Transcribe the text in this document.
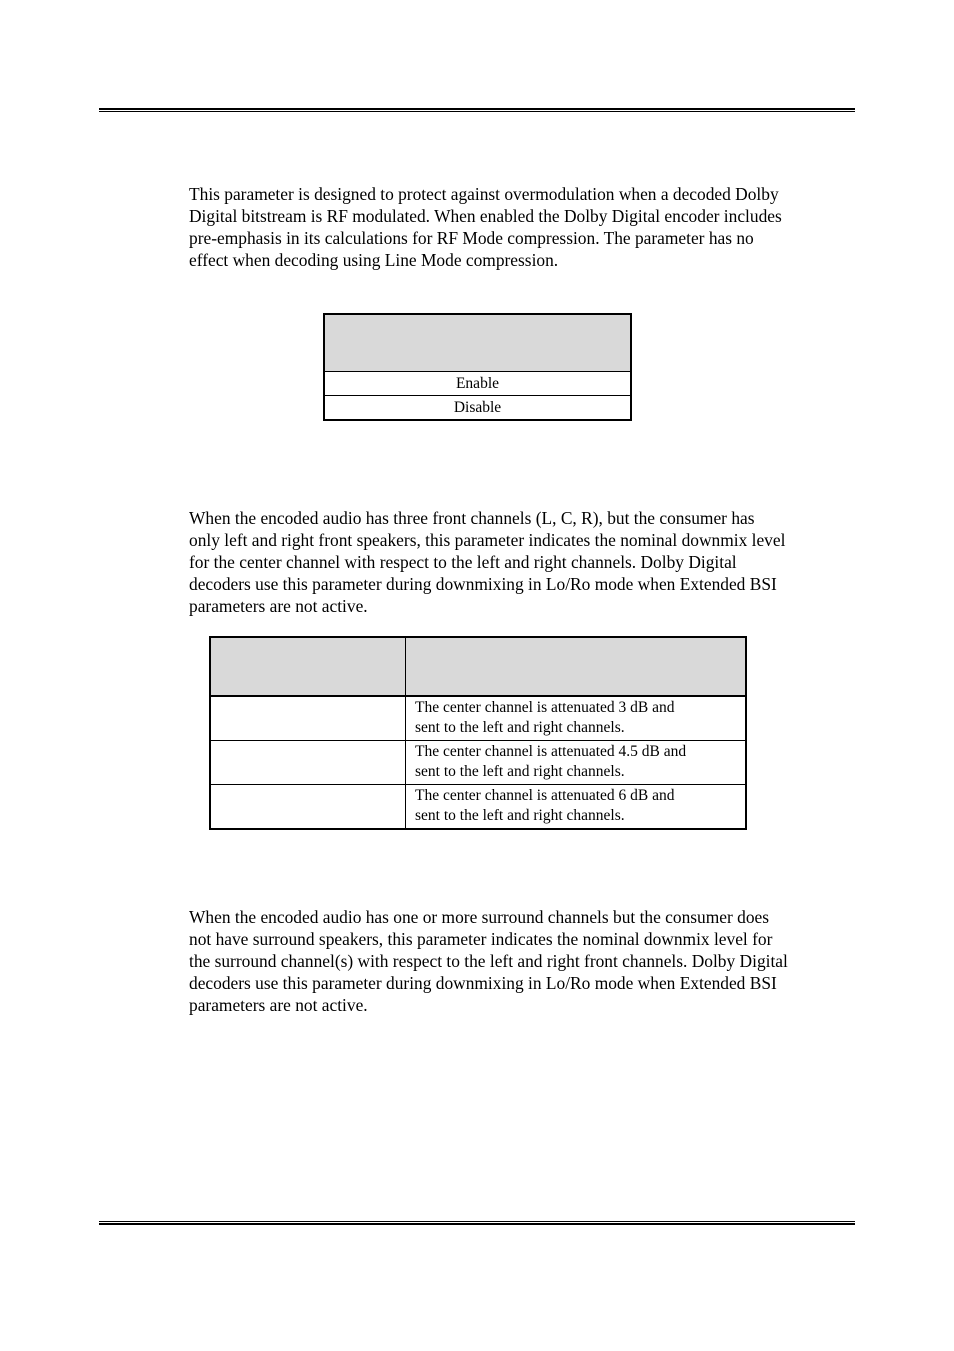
This parameter is designed to protect against overmodulation when a decoded Dolby
Digital bitstream is RF modulated. When enabled the Dolby Digital encoder includes
pre-emphasis in its calculations for RF Mode compression. The parameter has no
effect when decoding using Line Mode compression.

Enable
Disable
When the encoded audio has three front channels (L, C, R), but the consumer has
only left and right front speakers, this parameter indicates the nominal downmix level
for the center channel with respect to the left and right channels. Dolby Digital
decoders use this parameter during downmixing in Lo/Ro mode when Extended BSI
parameters are not active.

	The center channel is attenuated 3 dB and
sent to the left and right channels.

	The center channel is attenuated 4.5 dB and
sent to the left and right channels.

	The center channel is attenuated 6 dB and
sent to the left and right channels.
When the encoded audio has one or more surround channels but the consumer does
not have surround speakers, this parameter indicates the nominal downmix level for
the surround channel(s) with respect to the left and right front channels. Dolby Digital
decoders use this parameter during downmixing in Lo/Ro mode when Extended BSI
parameters are not active.
